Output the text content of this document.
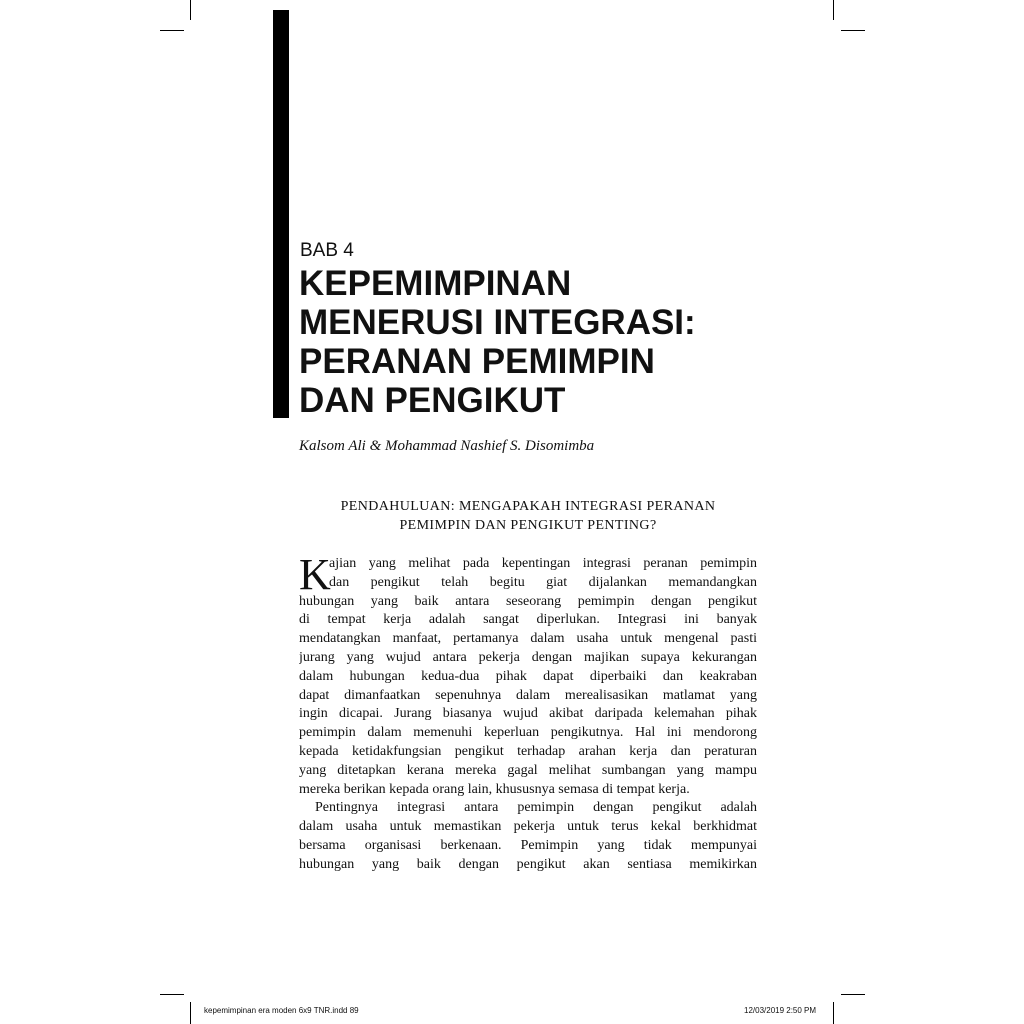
BAB 4
KEPEMIMPINAN
MENERUSI INTEGRASI:
PERANAN PEMIMPIN
DAN PENGIKUT
Kalsom Ali & Mohammad Nashief S. Disomimba
PENDAHULUAN: MENGAPAKAH INTEGRASI PERANAN
PEMIMPIN DAN PENGIKUT PENTING?
K
ajian yang melihat pada kepentingan integrasi peranan pemimpin
dan pengikut telah begitu giat dijalankan memandangkan
hubungan yang baik antara seseorang pemimpin dengan pengikut
di tempat kerja adalah sangat diperlukan. Integrasi ini banyak
mendatangkan manfaat, pertamanya dalam usaha untuk mengenal pasti
jurang yang wujud antara pekerja dengan majikan supaya kekurangan
dalam hubungan kedua-dua pihak dapat diperbaiki dan keakraban
dapat dimanfaatkan sepenuhnya dalam merealisasikan matlamat yang
ingin dicapai. Jurang biasanya wujud akibat daripada kelemahan pihak
pemimpin dalam memenuhi keperluan pengikutnya. Hal ini mendorong
kepada ketidakfungsian pengikut terhadap arahan kerja dan peraturan
yang ditetapkan kerana mereka gagal melihat sumbangan yang mampu
mereka berikan kepada orang lain, khususnya semasa di tempat kerja.
Pentingnya integrasi antara pemimpin dengan pengikut adalah
dalam usaha untuk memastikan pekerja untuk terus kekal berkhidmat
bersama organisasi berkenaan. Pemimpin yang tidak mempunyai
hubungan yang baik dengan pengikut akan sentiasa memikirkan
kepemimpinan era moden 6x9 TNR.indd 89	12/03/2019 2:50 PM
